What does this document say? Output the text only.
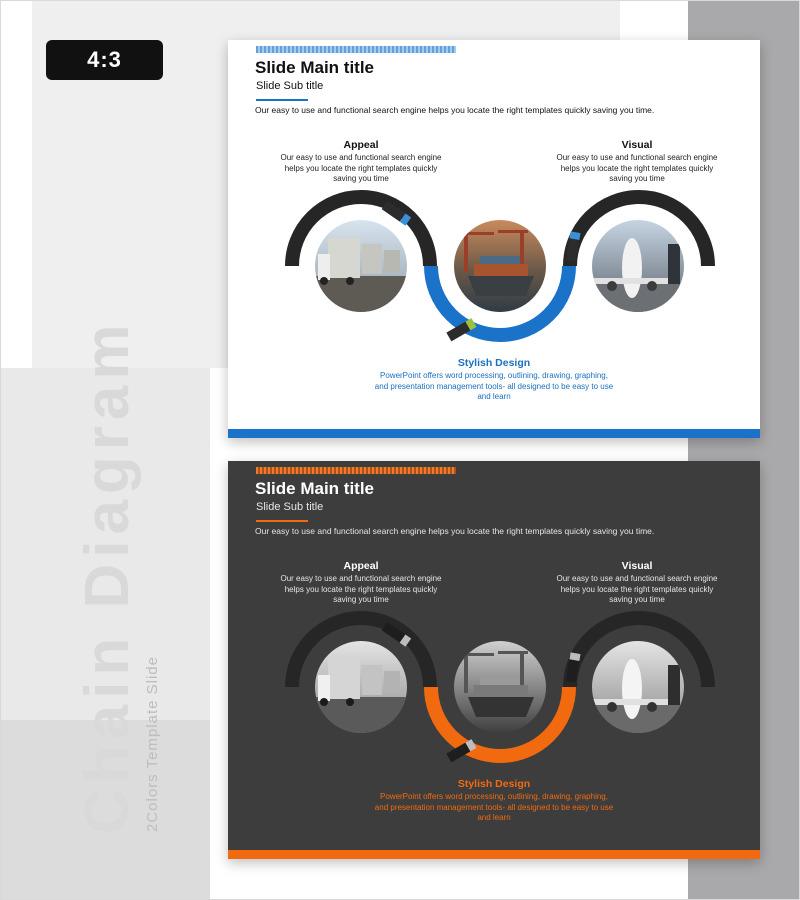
4:3
Chain Diagram 2Colors Template Slide
Slide Main title
Slide Sub title
Our easy to use and functional search engine helps you locate the right templates quickly saving you time.
Appeal

Our easy to use and functional search engine helps you locate the right templates quickly saving you time

Visual

Our easy to use and functional search engine helps you locate the right templates quickly saving you time

Stylish Design

PowerPoint offers word processing, outlining, drawing, graphing, and presentation management tools- all designed to be easy to use and learn

Slide Main title
Slide Sub title
Our easy to use and functional search engine helps you locate the right templates quickly saving you time.
Appeal

Our easy to use and functional search engine helps you locate the right templates quickly saving you time

Visual

Our easy to use and functional search engine helps you locate the right templates quickly saving you time

Stylish Design

PowerPoint offers word processing, outlining, drawing, graphing, and presentation management tools- all designed to be easy to use and learn
